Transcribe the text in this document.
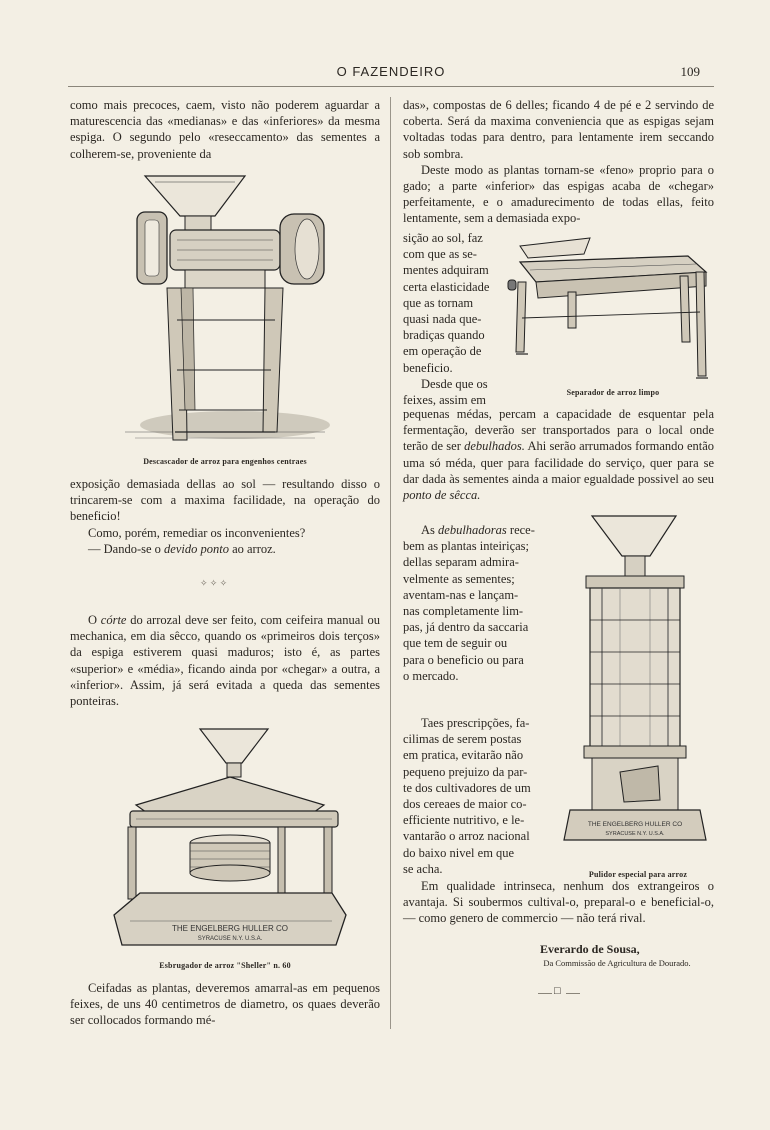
O FAZENDEIRO	109

como mais precoces, caem, visto não poderem aguardar a maturescencia das «medianas» e das «inferiores» da mesma espiga. O segundo pelo «reseccamento» das sementes a colherem-se, proveniente da

Descascador de arroz para engenhos centraes

exposição demasiada dellas ao sol — resultando disso o trincarem-se com a maxima facilidade, na operação do beneficio!

Como, porém, remediar os inconvenientes?

— Dando-se o devido ponto ao arroz.

✧ ✧ ✧

O córte do arrozal deve ser feito, com ceifeira manual ou mechanica, em dia sêcco, quando os «primeiros dois terços» da espiga estiverem quasi maduros; isto é, as partes «superior» e «média», ficando ainda por «chegar» a outra, a «inferior». Assim, já será evitada a queda das sementes ponteiras.

THE ENGELBERG HULLER CO
SYRACUSE N.Y. U.S.A.
Esbrugador de arroz "Sheller" n. 60

Ceifadas as plantas, deveremos amarral-as em pequenos feixes, de uns 40 centimetros de diametro, os quaes deverão ser collocados formando mé-

das», compostas de 6 delles; ficando 4 de pé e 2 servindo de coberta. Será da maxima conveniencia que as espigas sejam voltadas todas para dentro, para lentamente irem seccando sob sombra.

Deste modo as plantas tornam-se «feno» proprio para o gado; a parte «inferior» das espigas acaba de «chegar» perfeitamente, e o amadurecimento de todas ellas, feito lentamente, sem a demasiada expo-

sição ao sol, faz
com que as se-
mentes adquiram
certa elasticidade
que as tornam
quasi nada que-
bradiças quando
em operação de
beneficio.
Desde que os
feixes, assim em
Separador de arroz limpo

pequenas médas, percam a capacidade de esquentar pela fermentação, deverão ser transportados para o local onde terão de ser debulhados. Ahi serão arrumados formando então uma só méda, quer para facilidade do serviço, quer para se dar dada às sementes ainda a maior egualdade possivel ao seu ponto de sêcca.

As debulhadoras rece-
bem as plantas inteiriças;
dellas separam admira-
velmente as sementes;
aventam-nas e lançam-
nas completamente lim-
pas, já dentro da saccaria
que tem de seguir ou
para o beneficio ou para
o mercado.
THE ENGELBERG HULLER CO
SYRACUSE N.Y. U.S.A.
Pulidor especial para arroz
Taes prescripções, fa-
cilimas de serem postas
em pratica, evitarão não
pequeno prejuizo da par-
te dos cultivadores de um
dos cereaes de maior co-
efficiente nutritivo, e le-
vantarão o arroz nacional
do baixo nivel em que
se acha.

Em qualidade intrinseca, nenhum dos extrangeiros o avantaja. Si soubermos cultival-o, preparal-o e beneficial-o, — como genero de commercio — não terá rival.

Everardo de Sousa,
Da Commissão de Agricultura de Dourado.
□
